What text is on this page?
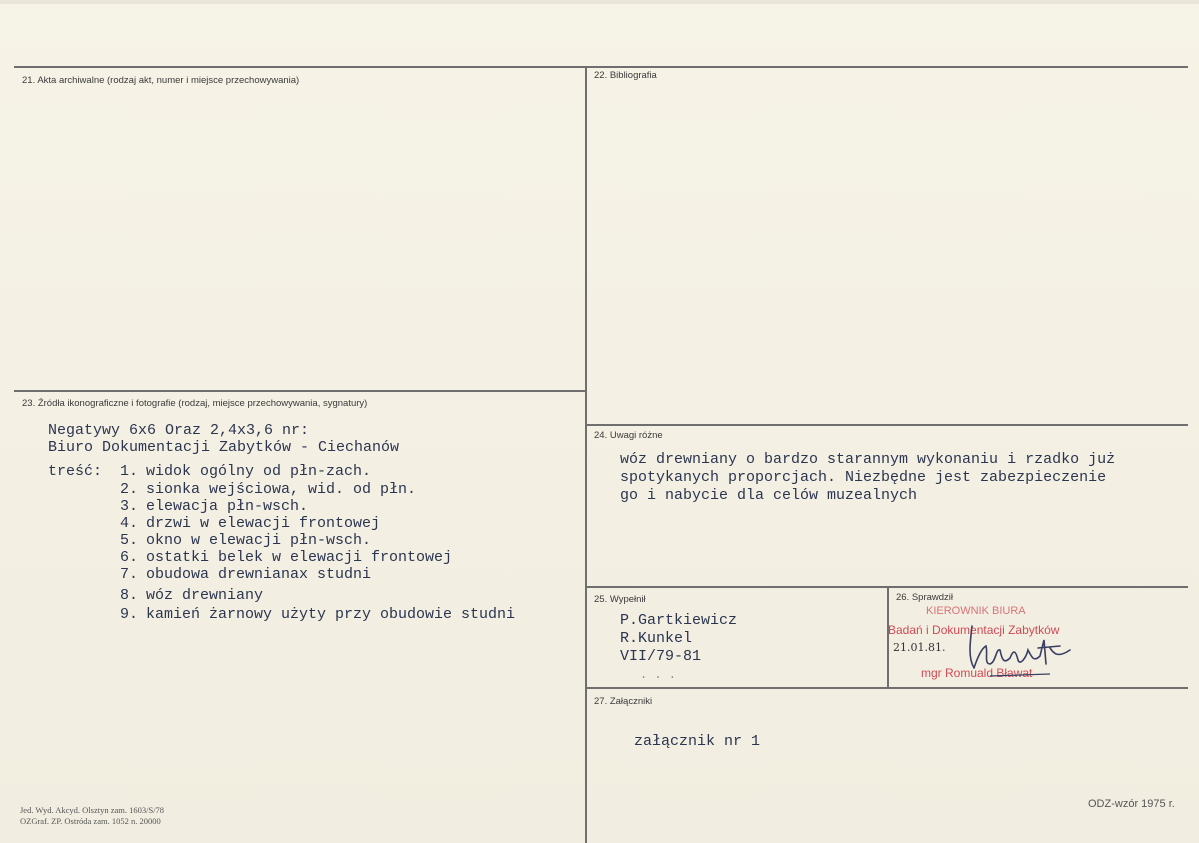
21. Akta archiwalne (rodzaj akt, numer i miejsce przechowywania)	22. Bibliografia
23. Źródła ikonograficzne i fotografie (rodzaj, miejsce przechowywania, sygnatury)
Negatywy 6x6 Oraz 2,4x3,6 nr:
Biuro Dokumentacji Zabytków - Ciechanów
treść:	1. widok ogólny od płn-zach.
2. sionka wejściowa, wid. od płn.
3. elewacja płn-wsch.
4. drzwi w elewacji frontowej
5. okno w elewacji płn-wsch.
6. ostatki belek w elewacji frontowej
7. obudowa drewnianax studni
8. wóz drewniany
9. kamień żarnowy użyty przy obudowie studni
24. Uwagi różne
wóz drewniany o bardzo starannym wykonaniu i rzadko już
spotykanych proporcjach. Niezbędne jest zabezpieczenie
go i nabycie dla celów muzealnych
25. Wypełnił
P.Gartkiewicz
R.Kunkel
VII/79-81
. . .
26. Sprawdził
KIEROWNIK BIURA
Badań i Dokumentacji Zabytków
21.01.81.
mgr Romuald Bławat
27. Załączniki
załącznik nr 1
Jed. Wyd. Akcyd. Olsztyn zam. 1603/S/78
OZGraf. ZP. Ostróda zam. 1052 n. 20000
ODZ-wzór 1975 r.
